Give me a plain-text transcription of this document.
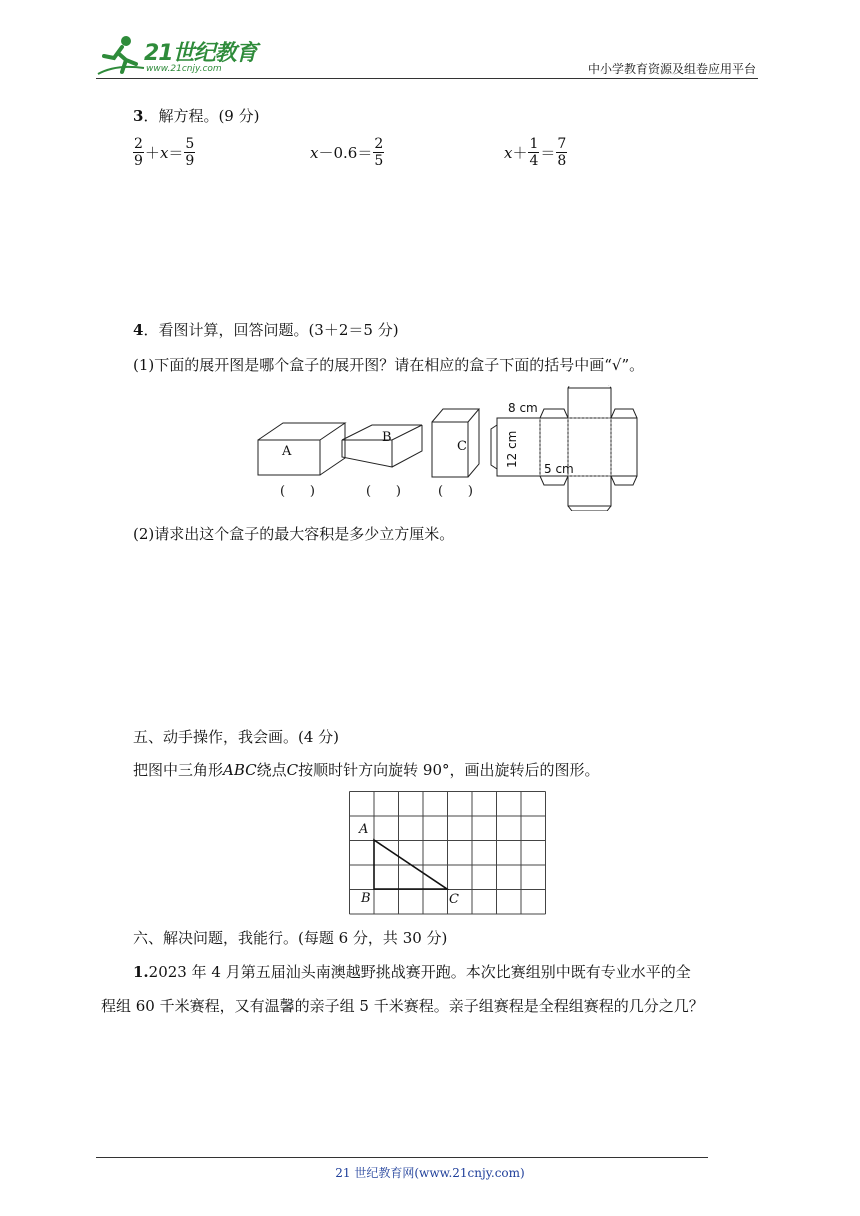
21世纪教育
www.21cnjy.com	中小学教育资源及组卷应用平台
3．解方程。(9 分)
$\frac{2}{9} + x = \frac{5}{9}$	$x -0.6= \frac{2}{5}$	$x + \frac{1}{4} = \frac{7}{8}$
4．看图计算，回答问题。(3＋2＝5 分)
(1)下面的展开图是哪个盒子的展开图？请在相应的盒子下面的括号中画“√”。
A
B
C
(      )	(      )	(      )
8 cm
12 cm
5 cm
(2)请求出这个盒子的最大容积是多少立方厘米。
五、动手操作，我会画。(4 分)
把图中三角形ABC绕点C按顺时针方向旋转 90°，画出旋转后的图形。
A
B	C
六、解决问题，我能行。(每题 6 分，共 30 分)
1.2023 年 4 月第五届汕头南澳越野挑战赛开跑。本次比赛组别中既有专业水平的全
程组 60 千米赛程，又有温馨的亲子组 5 千米赛程。亲子组赛程是全程组赛程的几分之几？
21 世纪教育网(www.21cnjy.com)
